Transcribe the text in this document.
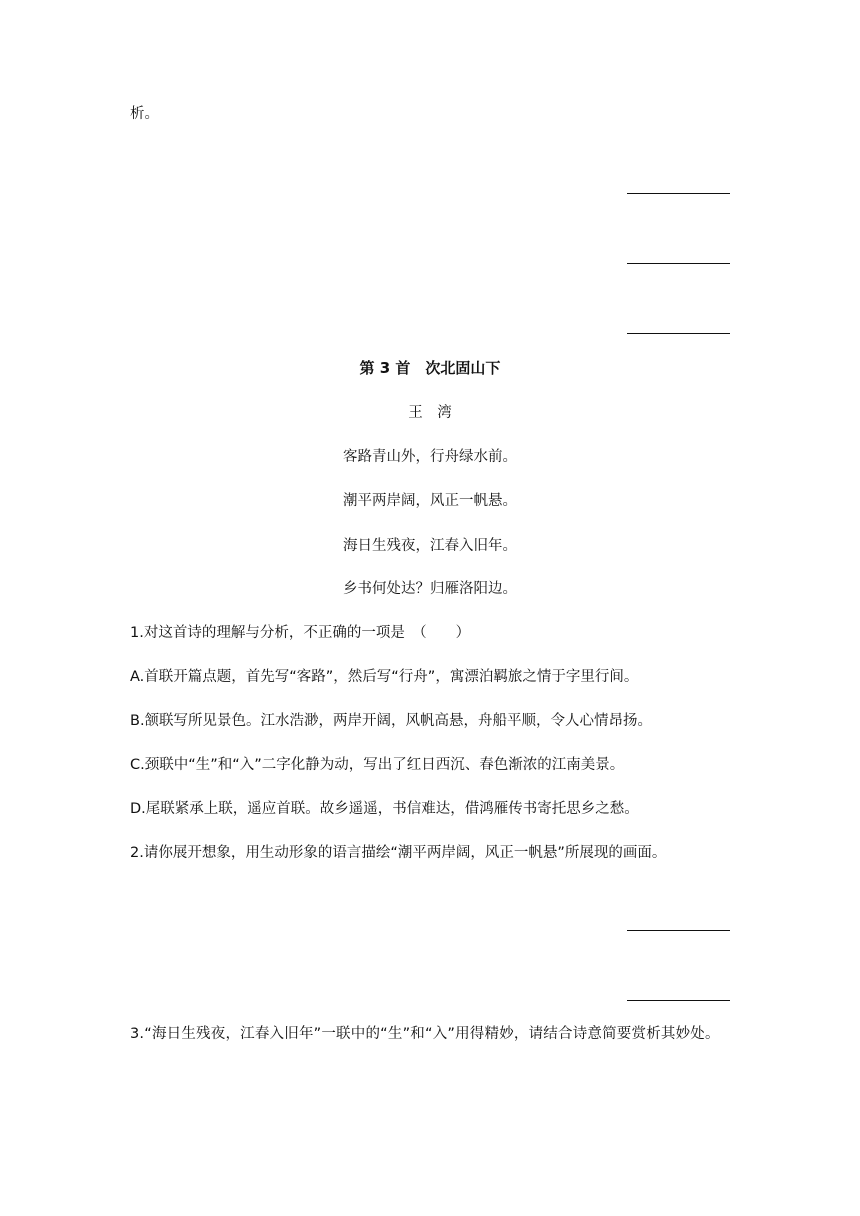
析。
第 3 首　次北固山下
王　湾
客路青山外，行舟绿水前。
潮平两岸阔，风正一帆悬。
海日生残夜，江春入旧年。
乡书何处达？归雁洛阳边。
1.对这首诗的理解与分析，不正确的一项是　（　　）
A.首联开篇点题，首先写“客路”，然后写“行舟”，寓漂泊羁旅之情于字里行间。
B.颔联写所见景色。江水浩渺，两岸开阔，风帆高悬，舟船平顺，令人心情昂扬。
C.颈联中“生”和“入”二字化静为动，写出了红日西沉、春色渐浓的江南美景。
D.尾联紧承上联，遥应首联。故乡遥遥，书信难达，借鸿雁传书寄托思乡之愁。
2.请你展开想象，用生动形象的语言描绘“潮平两岸阔，风正一帆悬”所展现的画面。
3.“海日生残夜，江春入旧年”一联中的“生”和“入”用得精妙，请结合诗意简要赏析其妙处。
